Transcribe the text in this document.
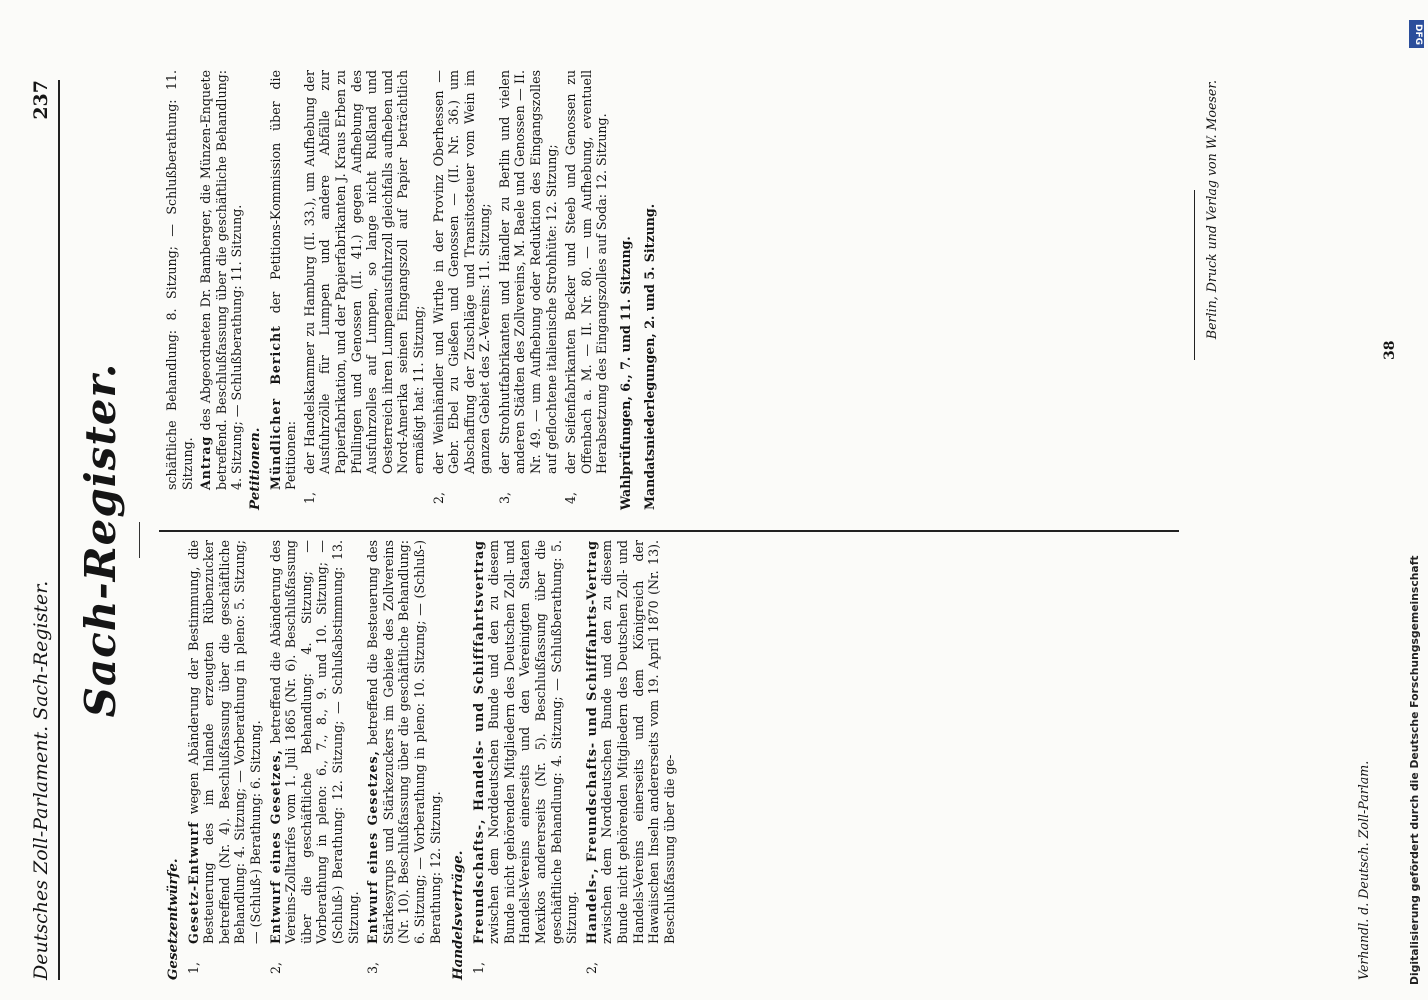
Deutsches Zoll-Parlament. Sach-Register.
237
Sach-Register.
Gesetzentwürfe. 1,
Gesetz-Entwurf wegen Abänderung der Bestimmung, die Besteuerung des im Inlande erzeugten Rübenzucker betreffend (Nr. 4). Beschlußfassung über die geschäftliche Behandlung: 4. Sitzung; — Vorberathung in pleno: 5. Sitzung; — (Schluß-) Berathung: 6. Sitzung.
2,
Entwurf eines Gesetzes, betreffend die Abänderung des Vereins-Zolltarifes vom 1. Juli 1865 (Nr. 6). Beschlußfassung über die geschäftliche Behandlung: 4. Sitzung; — Vorberathung in pleno: 6., 7., 8., 9. und 10. Sitzung; — (Schluß-) Berathung: 12. Sitzung; — Schlußabstimmung: 13. Sitzung.
3,
Entwurf eines Gesetzes, betreffend die Besteuerung des Stärkesyrups und Stärkezuckers im Gebiete des Zollvereins (Nr. 10). Beschlußfassung über die geschäftliche Behandlung: 6. Sitzung; — Vorberathung in pleno: 10. Sitzung; — (Schluß-) Berathung: 12. Sitzung. Handelsverträge. 1,
Freundschafts-, Handels- und Schifffahrtsvertrag zwischen dem Norddeutschen Bunde und den zu diesem Bunde nicht gehörenden Mitgliedern des Deutschen Zoll- und Handels-Vereins einerseits und den Vereinigten Staaten Mexikos andererseits (Nr. 5). Beschlußfassung über die geschäftliche Behandlung: 4. Sitzung; — Schlußberathung: 5. Sitzung.
2,
Handels-, Freundschafts- und Schifffahrts-Vertrag zwischen dem Norddeutschen Bunde und den zu diesem Bunde nicht gehörenden Mitgliedern des Deutschen Zoll- und Handels-Vereins einerseits und dem Königreich der Hawaiischen Inseln andererseits vom 19. April 1870 (Nr. 13). Beschlußfassung über die ge-
schäftliche Behandlung: 8. Sitzung; — Schlußberathung: 11. Sitzung. Antrag des Abgeordneten Dr. Bamberger, die Münzen-Enquete betreffend. Beschlußfassung über die geschäftliche Behandlung: 4. Sitzung; — Schlußberathung: 11. Sitzung. Petitionen. Mündlicher Bericht der Petitions-Kommission über die Petitionen:
1,
der Handelskammer zu Hamburg (II. 33.), um Aufhebung der Ausfuhrzölle für Lumpen und andere Abfälle zur Papierfabrikation, und der Papierfabrikanten J. Kraus Erben zu Pfullingen und Genossen (II. 41.) gegen Aufhebung des Ausfuhrzolles auf Lumpen, so lange nicht Rußland und Oesterreich ihren Lumpenausfuhrzoll gleichfalls aufheben und Nord-Amerika seinen Eingangszoll auf Papier beträchtlich ermäßigt hat: 11. Sitzung;
2,
der Weinhändler und Wirthe in der Provinz Oberhessen — Gebr. Ebel zu Gießen und Genossen — (II. Nr. 36.) um Abschaffung der Zuschläge und Transitosteuer vom Wein im ganzen Gebiet des Z.-Vereins: 11. Sitzung;
3,
der Strohhutfabrikanten und Händler zu Berlin und vielen anderen Städten des Zollvereins, M. Baele und Genossen — II. Nr. 49. — um Aufhebung oder Reduktion des Eingangszolles auf geflochtene italienische Strohhüte: 12. Sitzung;
4,
der Seifenfabrikanten Becker und Steeb und Genossen zu Offenbach a. M. — II. Nr. 80. — um Aufhebung, eventuell Herabsetzung des Eingangszolles auf Soda: 12. Sitzung. Wahlprüfungen, 6., 7. und 11. Sitzung. Mandatsniederlegungen, 2. und 5. Sitzung.	Berlin, Druck und Verlag von W. Moeser.
Verhandl. d. Deutsch. Zoll-Parlam.
38
DFG
Digitalisierung gefördert durch die Deutsche Forschungsgemeinschaft
